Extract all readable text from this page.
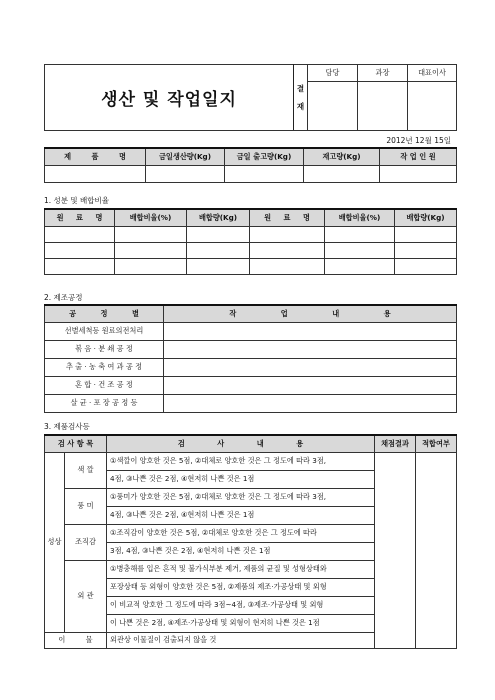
생산 및 작업일지	결
재	담당	과장	대표이사

2012년 12월 15일
제 품 명	금일생산량(Kg)	금일 출고량(Kg)	재고량(Kg)	작 업 인 원

1. 성분 및 배합비율
원 료 명	배합비율(%)	배합량(Kg)	원 료 명	배합비율(%)	배합량(Kg)

2. 제조공정
공 정 별	작 업 내 용
선별세척등 원료의전처리	
볶 음 · 분 쇄 공 정	
추 출 · 농 축 여 과 공 정	
혼 합 · 건 조 공 정	
살 균 · 포 장 공 정 등	
3. 제품검사등
검 사 항 목		검 사 내 용	채점결과	적합여부
성상	색 깔	①색깔이 양호한 것은 5점, ②대체로 양호한 것은 그 정도에 따라 3점,		
		4점, ③나쁜 것은 2점, ④현저히 나쁜 것은 1점		
	풍 미	①풍미가 양호한 것은 5점, ②대체로 양호한 것은 그 정도에 따라 3점,		
		4점, ③나쁜 것은 2점, ④현저히 나쁜 것은 1점		
	조직감	①조직감이 양호한 것은 5점, ②대체로 양호한 것은 그 정도에 따라		
		3점, 4점, ③나쁜 것은 2점, ④현저히 나쁜 것은 1점		
	외 관	①병충해를 입은 흔적 및 불가식부분 제거, 제품의 균질 및 성형상태와		
		포장상태 등 외형이 양호한 것은 5점, ②제품의 제조·가공상태 및 외형		
		이 비교적 양호한 그 정도에 따라 3점~4점, ③제조·가공상태 및 외형		
		이 나쁜 것은 2점, ④제조·가공상태 및 외형이 현저히 나쁜 것은 1점		
이 물		외관상 이물질이 검출되지 않을 것		
